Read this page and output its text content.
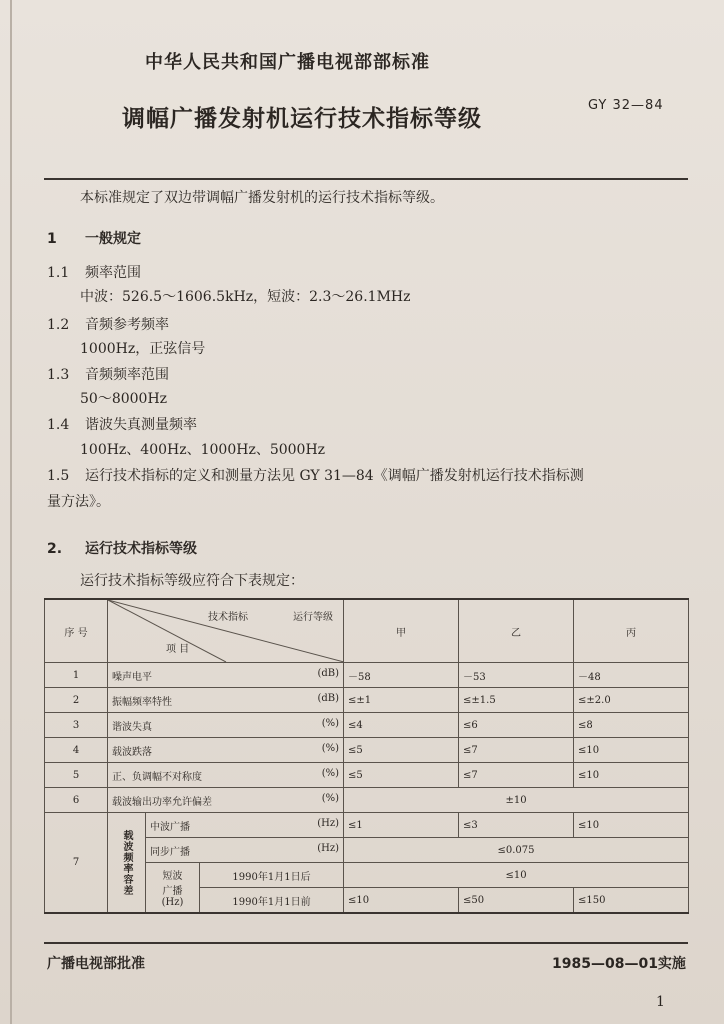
中华人民共和国广播电视部部标准
调幅广播发射机运行技术指标等级
GY 32—84
本标准规定了双边带调幅广播发射机的运行技术指标等级。
1 一般规定
1.1 频率范围
中波：526.5～1606.5kHz，短波：2.3～26.1MHz
1.2 音频参考频率
1000Hz，正弦信号
1.3 音频频率范围
50～8000Hz
1.4 谐波失真测量频率
100Hz、400Hz、1000Hz、5000Hz
1.5 运行技术指标的定义和测量方法见 GY 31—84《调幅广播发射机运行技术指标测
量方法》。
2. 运行技术指标等级
运行技术指标等级应符合下表规定：
序 号	技术指标 运行等级
项 目			甲	乙	丙
1	噪声电平 (dB)			－58	－53	－48
2	振幅频率特性 (dB)			≤±1	≤±1.5	≤±2.0
3	谐波失真 (%)			≤4	≤6	≤8
4	载波跌落 (%)			≤5	≤7	≤10
5	正、负调幅不对称度 (%)			≤5	≤7	≤10
6	载波输出功率允许偏差 (%)			±10		
7	载波频率容差	中波广播 (Hz)		≤1	≤3	≤10
		同步广播 (Hz)		≤0.075		

		短波
广播
(Hz)	1990年1月1日后	≤10		
			1990年1月1日前	≤10	≤50	≤150
广播电视部批准	1985—08—01实施
1
